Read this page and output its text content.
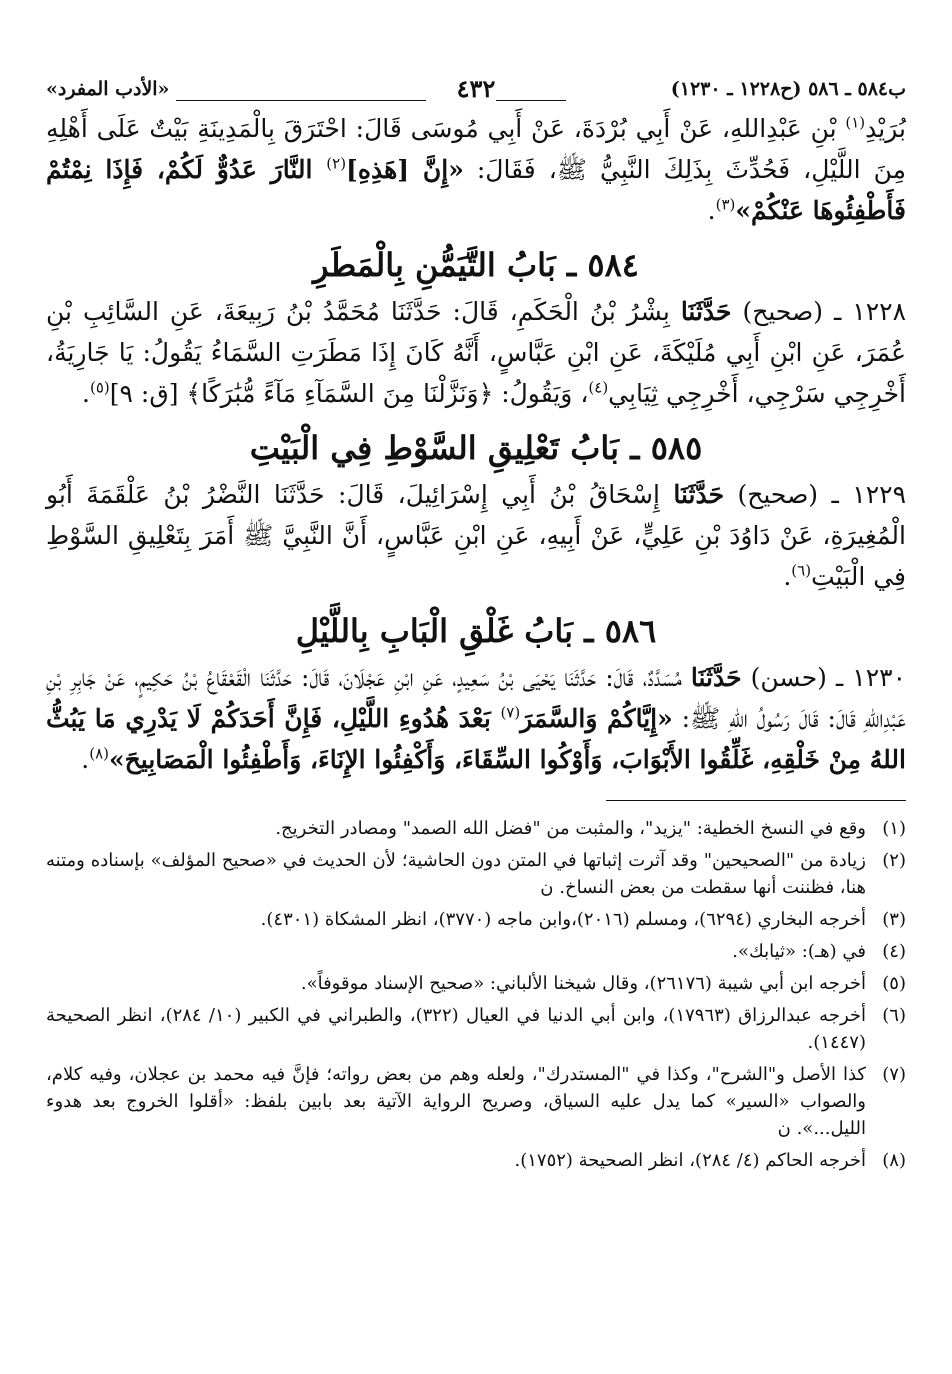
ب٥٨٤ ـ ٥٨٦ (ح١٢٢٨ ـ ١٢٣٠)
٤٣٢
«الأدب المفرد»

بُرَيْدِ$^{(١)}$ بْنِ عَبْدِاللهِ، عَنْ أَبِي بُرْدَةَ، عَنْ أَبِي مُوسَى قَالَ: احْتَرَقَ بِالْمَدِينَةِ بَيْتٌ عَلَى أَهْلِهِ مِنَ اللَّيْلِ، فَحُدِّثَ بِذَلِكَ النَّبِيُّ ﷺ، فَقَالَ: «إِنَّ [هَذِهِ]$^{(٢)}$ النَّارَ عَدُوٌّ لَكُمْ، فَإِذَا نِمْتُمْ فَأَطْفِئُوهَا عَنْكُمْ»$^{(٣)}$.

٥٨٤ ـ بَابُ التَّيَمُّنِ بِالْمَطَرِ

١٢٢٨ ـ (صحيح) حَدَّثَنَا بِشْرُ بْنُ الْحَكَمِ، قَالَ: حَدَّثَنَا مُحَمَّدُ بْنُ رَبِيعَةَ، عَنِ السَّائِبِ بْنِ عُمَرَ، عَنِ ابْنِ أَبِي مُلَيْكَةَ، عَنِ ابْنِ عَبَّاسٍ، أَنَّهُ كَانَ إِذَا مَطَرَتِ السَّمَاءُ يَقُولُ: يَا جَارِيَةُ، أَخْرِجِي سَرْجِي، أَخْرِجِي ثِيَابِي$^{(٤)}$، وَيَقُولُ: ﴿وَنَزَّلْنَا مِنَ السَّمَآءِ مَآءً مُّبَٰرَكًا﴾ [ق: ٩]$^{(٥)}$.

٥٨٥ ـ بَابُ تَعْلِيقِ السَّوْطِ فِي الْبَيْتِ

١٢٢٩ ـ (صحيح) حَدَّثَنَا إِسْحَاقُ بْنُ أَبِي إِسْرَائِيلَ، قَالَ: حَدَّثَنَا النَّضْرُ بْنُ عَلْقَمَةَ أَبُو الْمُغِيرَةِ، عَنْ دَاوُدَ بْنِ عَلِيٍّ، عَنْ أَبِيهِ، عَنِ ابْنِ عَبَّاسٍ، أَنَّ النَّبِيَّ ﷺ أَمَرَ بِتَعْلِيقِ السَّوْطِ فِي الْبَيْتِ$^{(٦)}$.

٥٨٦ ـ بَابُ غَلْقِ الْبَابِ بِاللَّيْلِ

١٢٣٠ ـ (حسن) حَدَّثَنَا مُسَدَّدٌ، قَالَ: حَدَّثَنَا يَحْيَى بْنُ سَعِيدٍ، عَنِ ابْنِ عَجْلَانَ، قَالَ: حَدَّثَنَا الْقَعْقَاعُ بْنُ حَكِيمٍ، عَنْ جَابِرِ بْنِ عَبْدِاللهِ قَالَ: قَالَ رَسُولُ اللهِ ﷺ: «إِيَّاكُمْ وَالسَّمَرَ$^{(٧)}$ بَعْدَ هُدُوءِ اللَّيْلِ، فَإِنَّ أَحَدَكُمْ لَا يَدْرِي مَا يَبُثُّ اللهُ مِنْ خَلْقِهِ، غَلِّقُوا الأَبْوَابَ، وَأَوْكُوا السِّقَاءَ، وَأَكْفِئُوا الإِنَاءَ، وَأَطْفِئُوا الْمَصَابِيحَ»$^{(٨)}$.

(١)
وقع في النسخ الخطية: "يزيد"، والمثبت من "فضل الله الصمد" ومصادر التخريج.
(٢)
زيادة من "الصحيحين" وقد آثرت إثباتها في المتن دون الحاشية؛ لأن الحديث في «صحيح المؤلف» بإسناده ومتنه هنا، فظننت أنها سقطت من بعض النساخ. ن
(٣)
أخرجه البخاري (٦٢٩٤)، ومسلم (٢٠١٦)،وابن ماجه (٣٧٧٠)، انظر المشكاة (٤٣٠١).
(٤)
في (هـ): «ثيابك».
(٥)
أخرجه ابن أبي شيبة (٢٦١٧٦)، وقال شيخنا الألباني: «صحيح الإسناد موقوفاً».
(٦)
أخرجه عبدالرزاق (١٧٩٦٣)، وابن أبي الدنيا في العيال (٣٢٢)، والطبراني في الكبير (١٠/ ٢٨٤)، انظر الصحيحة (١٤٤٧).
(٧)
كذا الأصل و"الشرح"، وكذا في "المستدرك"، ولعله وهم من بعض رواته؛ فإنَّ فيه محمد بن عجلان، وفيه كلام، والصواب «السير» كما يدل عليه السياق، وصريح الرواية الآتية بعد بابين بلفظ: «أقلوا الخروج بعد هدوء الليل...». ن
(٨)
أخرجه الحاكم (٤/ ٢٨٤)، انظر الصحيحة (١٧٥٢).
